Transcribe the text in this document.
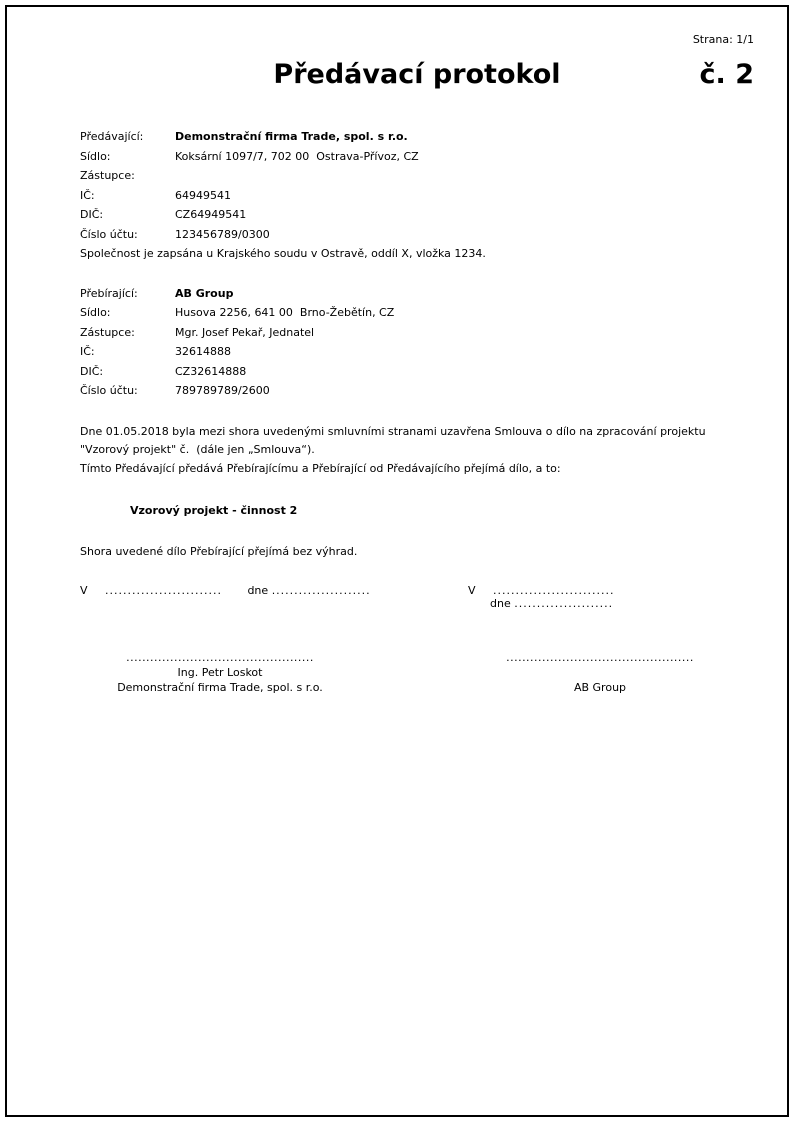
Strana: 1/1
Předávací protokol	č. 2
Předávající:	Demonstrační firma Trade, spol. s r.o.
Sídlo:	Koksární 1097/7, 702 00  Ostrava-Přívoz, CZ
Zástupce:
IČ:	64949541
DIČ:	CZ64949541
Číslo účtu:	123456789/0300
Společnost je zapsána u Krajského soudu v Ostravě, oddíl X, vložka 1234.
Přebírající:	AB Group
Sídlo:	Husova 2256, 641 00  Brno-Žebětín, CZ
Zástupce:	Mgr. Josef Pekař, Jednatel
IČ:	32614888
DIČ:	CZ32614888
Číslo účtu:	789789789/2600
Dne 01.05.2018 byla mezi shora uvedenými smluvními stranami uzavřena Smlouva o dílo na zpracování projektu
"Vzorový projekt" č.  (dále jen „Smlouva“).
Tímto Předávající předává Přebírajícímu a Přebírající od Předávajícího přejímá dílo, a to:
Vzorový projekt - činnost 2
Shora uvedené dílo Přebírající přejímá bez výhrad.
V .......................... dne ......................	V ........................... dne ......................
...............................................
Ing. Petr Loskot
Demonstrační firma Trade, spol. s r.o.
...............................................
AB Group
